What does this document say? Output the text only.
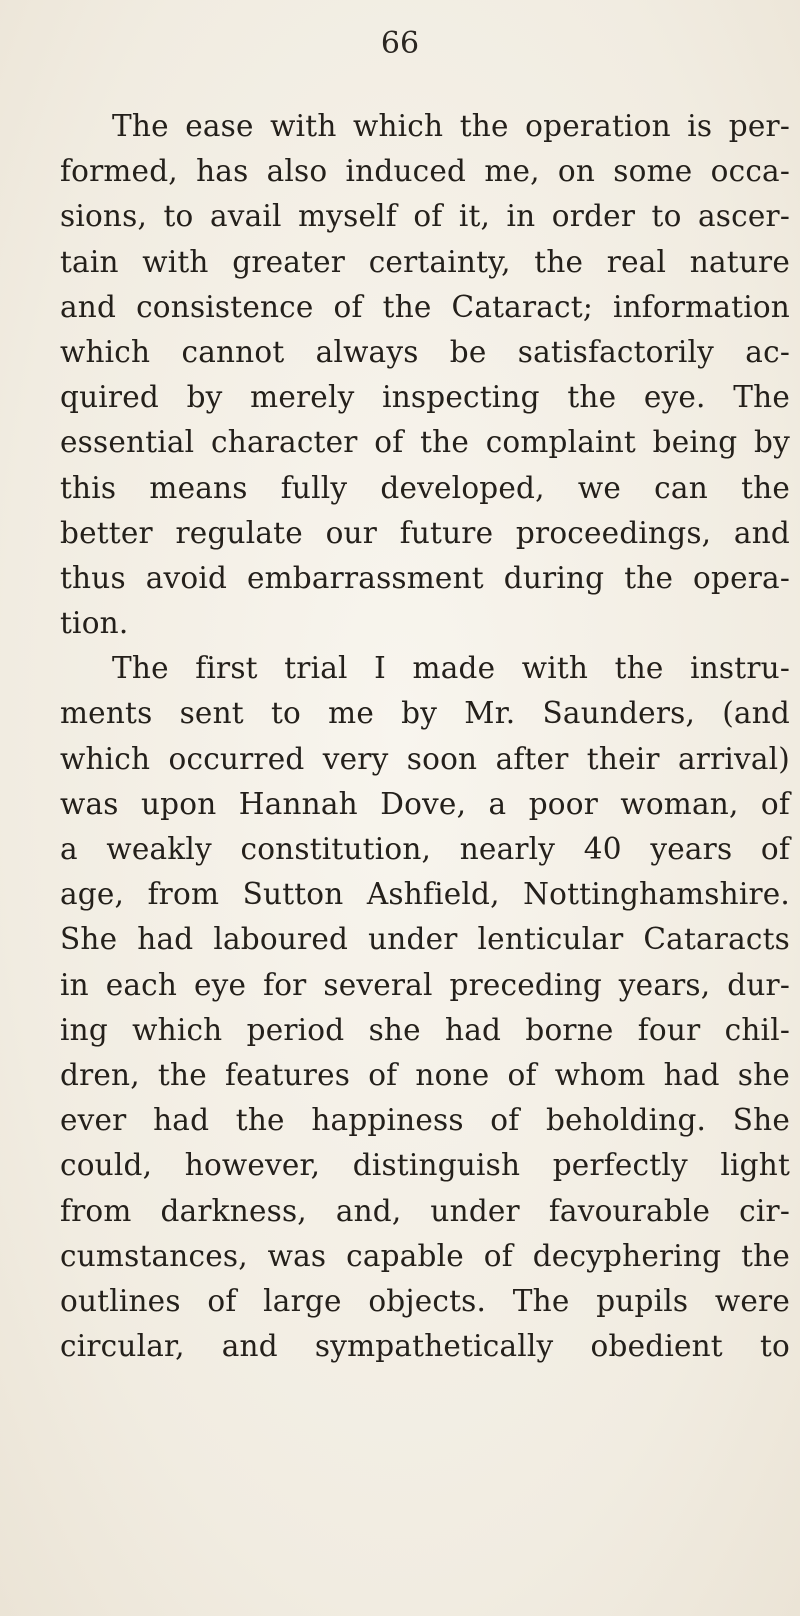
66
The ease with which the operation is per-
formed, has also induced me, on some occa-
sions, to avail myself of it, in order to ascer-
tain with greater certainty, the real nature
and consistence of the Cataract; information
which cannot always be satisfactorily ac-
quired by merely inspecting the eye. The
essential character of the complaint being by
this means fully developed, we can the
better regulate our future proceedings, and
thus avoid embarrassment during the opera-
tion.
The first trial I made with the instru-
ments sent to me by Mr. Saunders, (and
which occurred very soon after their arrival)
was upon Hannah Dove, a poor woman, of
a weakly constitution, nearly 40 years of
age, from Sutton Ashfield, Nottinghamshire.
She had laboured under lenticular Cataracts
in each eye for several preceding years, dur-
ing which period she had borne four chil-
dren, the features of none of whom had she
ever had the happiness of beholding. She
could, however, distinguish perfectly light
from darkness, and, under favourable cir-
cumstances, was capable of decyphering the
outlines of large objects. The pupils were
circular, and sympathetically obedient to
